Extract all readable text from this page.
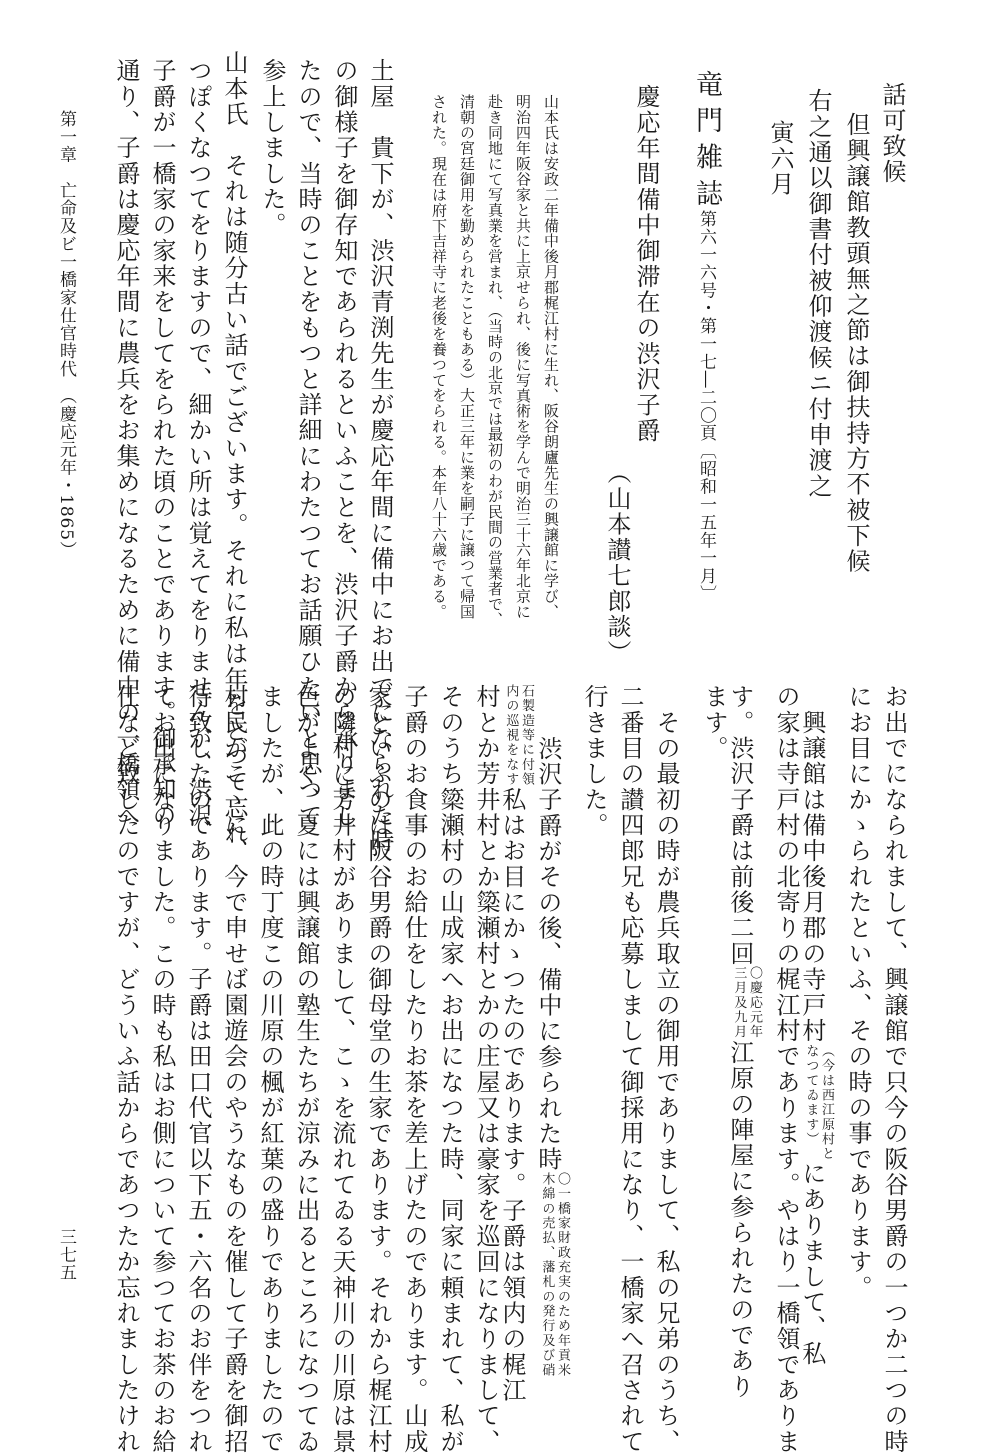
話可致候
但興譲館教頭無之節は御扶持方不被下候
右之通以御書付被仰渡候ニ付申渡之
寅六月
竜門雑誌
第六一六号・第一七―二〇頁〔昭和一五年一月〕
慶応年間備中御滞在の渋沢子爵
（山本讃七郎談）
山本氏は安政二年備中後月郡梶江村に生れ、阪谷朗廬先生の興譲館に学び、
明治四年阪谷家と共に上京せられ、後に写真術を学んで明治三十六年北京に
赴き同地にて写真業を営まれ、（当時の北京では最初のわが民間の営業者で、
清朝の宮廷御用を勤められたこともある）大正三年に業を嗣子に譲つて帰国
された。現在は府下吉祥寺に老後を養つてをられる。本年八十六歳である。
土屋　貴下が、渋沢青渕先生が慶応年間に備中にお出でになられた時
の御様子を御存知であられるといふことを、渋沢子爵から承りまし
たので、当時のことをもつと詳細にわたつてお話願ひたいと思つて
参上しました。
山本氏　それは随分古い話でございます。それに私は年をとつて忘れ
つぽくなつてをりますので、細かい所は覚えてをりませんが、渋沢
子爵が一橋家の家来をしてをられた頃のことであります。御承知の
通り、子爵は慶応年間に農兵をお集めになるために備中の一橋領へ
第一章　亡命及ビ一橋家仕官時代　（慶応元年・1865）
お出でになられまして、興譲館で只今の阪谷男爵の一つか二つの時
にお目にかゝられたといふ、その時の事であります。
　興譲館は備中後月郡の寺戸村（今は西江原村と
なつてゐます）にありまして、私
の家は寺戸村の北寄りの梶江村であります。やはり一橋領でありま
す。渋沢子爵は前後二回〇慶応元年
三月及九月江原の陣屋に参られたのであり
ます。
　その最初の時が農兵取立の御用でありまして、私の兄弟のうち、
二番目の讃四郎兄も応募しまして御採用になり、一橋家へ召されて
行きました。
　渋沢子爵がその後、備中に参られた時〇一橋家財政充実のため年貢米
木綿の売払、藩札の発行及び硝
石製造等に付領
内の巡視をなす私はお目にかゝつたのであります。子爵は領内の梶江
村とか芳井村とか簗瀬村とかの庄屋又は豪家を巡回になりまして、
そのうち簗瀬村の山成家へお出になつた時、同家に頼まれて、私が
子爵のお食事のお給仕をしたりお茶を差上げたのであります。山成
家といふのは阪谷男爵の御母堂の生家であります。それから梶江村
の隣村に芳井村がありまして、こゝを流れてゐる天神川の川原は景
色がよく、夏には興譲館の塾生たちが涼みに出るところになつてゐ
ましたが、此の時丁度この川原の楓が紅葉の盛りでありましたので
村民がこゝに、今で申せば園遊会のやうなものを催して子爵を御招
待致したのであります。子爵は田口代官以下五・六名のお伴をつれ
てお出になりました。この時も私はお側について参つてお茶のお給
仕など致したのですが、どういふ話からであつたか忘れましたけれ
三七五
